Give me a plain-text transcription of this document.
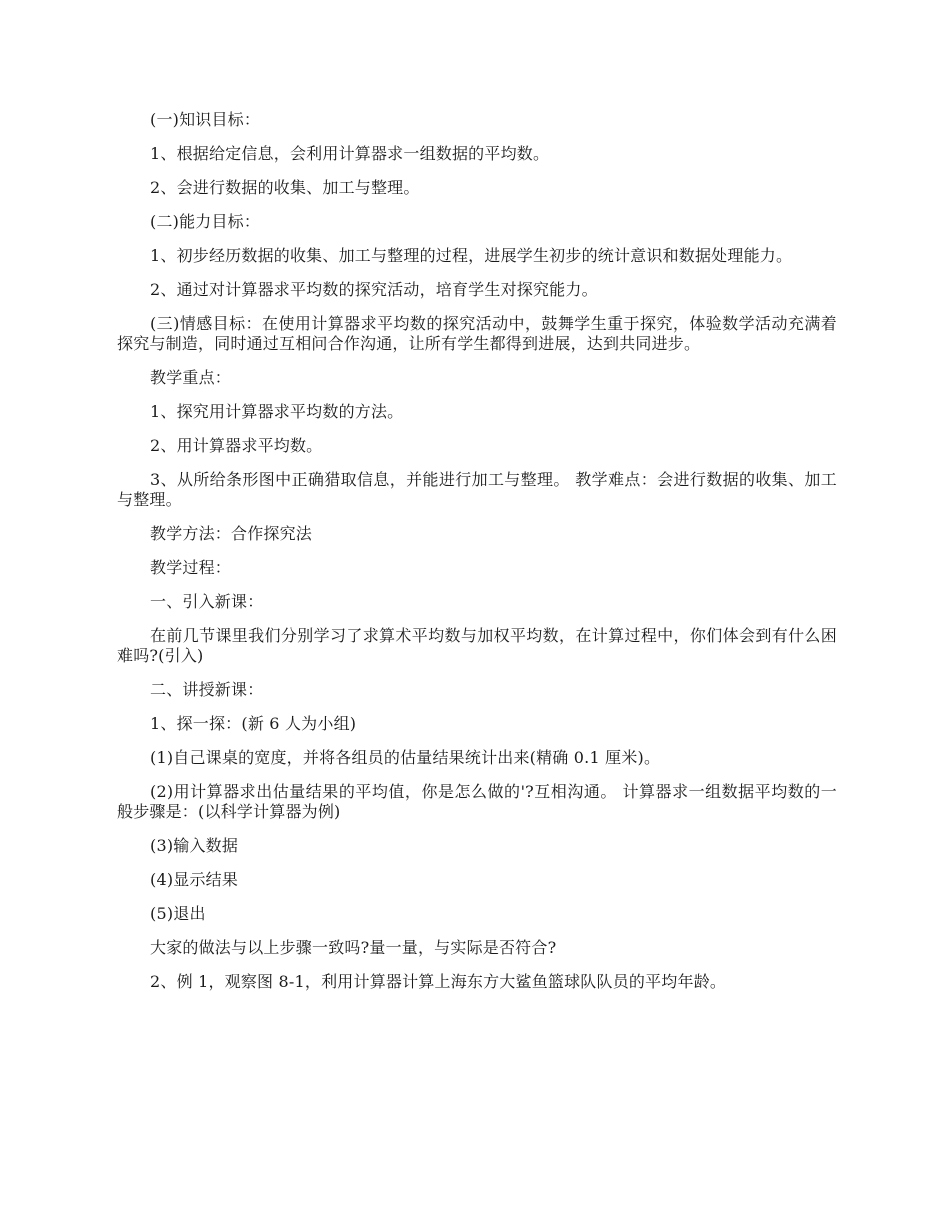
(一)知识目标：

1、根据给定信息，会利用计算器求一组数据的平均数。

2、会进行数据的收集、加工与整理。

(二)能力目标：

1、初步经历数据的收集、加工与整理的过程，进展学生初步的统计意识和数据处理能力。

2、通过对计算器求平均数的探究活动，培育学生对探究能力。

(三)情感目标：在使用计算器求平均数的探究活动中，鼓舞学生重于探究，体验数学活动充满着探究与制造，同时通过互相问合作沟通，让所有学生都得到进展，达到共同进步。

教学重点：

1、探究用计算器求平均数的方法。

2、用计算器求平均数。

3、从所给条形图中正确猎取信息，并能进行加工与整理。 教学难点：会进行数据的收集、加工与整理。

教学方法：合作探究法

教学过程：

一、引入新课：

在前几节课里我们分别学习了求算术平均数与加权平均数，在计算过程中，你们体会到有什么困难吗?(引入)

二、讲授新课：

1、探一探：(新 6 人为小组)

(1)自己课桌的宽度，并将各组员的估量结果统计出来(精确 0.1 厘米)。

(2)用计算器求出估量结果的平均值，你是怎么做的'?互相沟通。 计算器求一组数据平均数的一般步骤是：(以科学计算器为例)

(3)输入数据

(4)显示结果

(5)退出

大家的做法与以上步骤一致吗?量一量，与实际是否符合?

2、例 1，观察图 8-1，利用计算器计算上海东方大鲨鱼篮球队队员的平均年龄。
